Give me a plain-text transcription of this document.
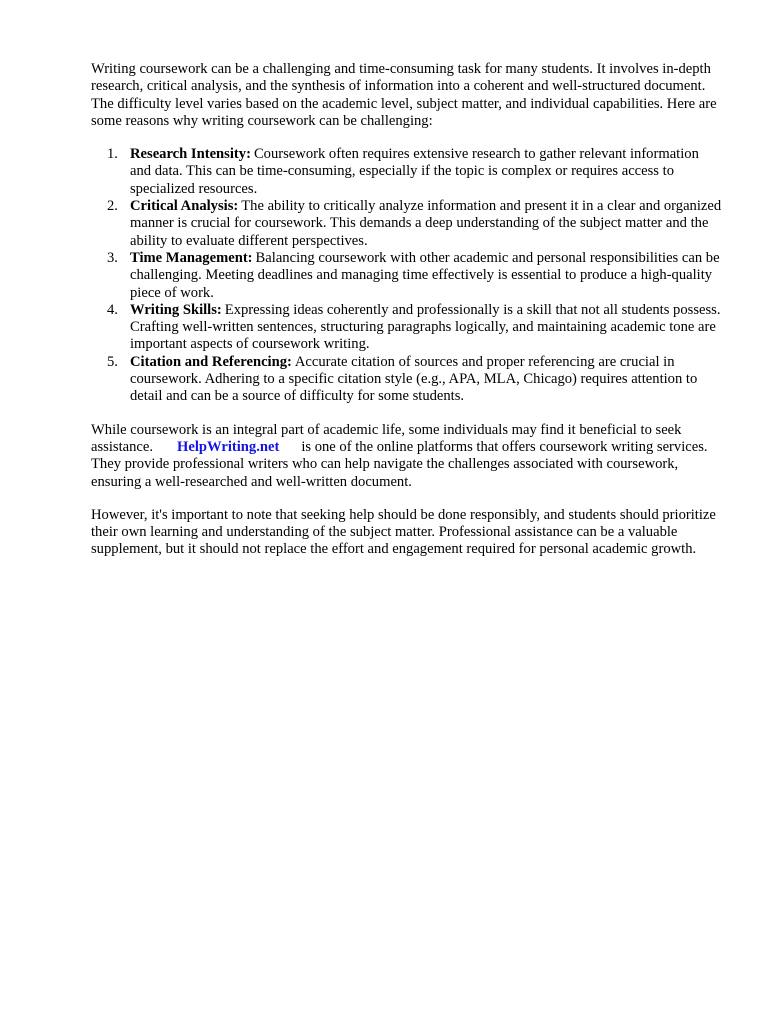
Writing coursework can be a challenging and time-consuming task for many students. It involves in-depth research, critical analysis, and the synthesis of information into a coherent and well-structured document. The difficulty level varies based on the academic level, subject matter, and individual capabilities. Here are some reasons why writing coursework can be challenging:

1. Research Intensity: Coursework often requires extensive research to gather relevant information and data. This can be time-consuming, especially if the topic is complex or requires access to specialized resources.
2. Critical Analysis: The ability to critically analyze information and present it in a clear and organized manner is crucial for coursework. This demands a deep understanding of the subject matter and the ability to evaluate different perspectives.
3. Time Management: Balancing coursework with other academic and personal responsibilities can be challenging. Meeting deadlines and managing time effectively is essential to produce a high-quality piece of work.
4. Writing Skills: Expressing ideas coherently and professionally is a skill that not all students possess. Crafting well-written sentences, structuring paragraphs logically, and maintaining academic tone are important aspects of coursework writing.
5. Citation and Referencing: Accurate citation of sources and proper referencing are crucial in coursework. Adhering to a specific citation style (e.g., APA, MLA, Chicago) requires attention to detail and can be a source of difficulty for some students.

While coursework is an integral part of academic life, some individuals may find it beneficial to seek assistance. HelpWriting.net is one of the online platforms that offers coursework writing services. They provide professional writers who can help navigate the challenges associated with coursework, ensuring a well-researched and well-written document.

However, it's important to note that seeking help should be done responsibly, and students should prioritize their own learning and understanding of the subject matter. Professional assistance can be a valuable supplement, but it should not replace the effort and engagement required for personal academic growth.
